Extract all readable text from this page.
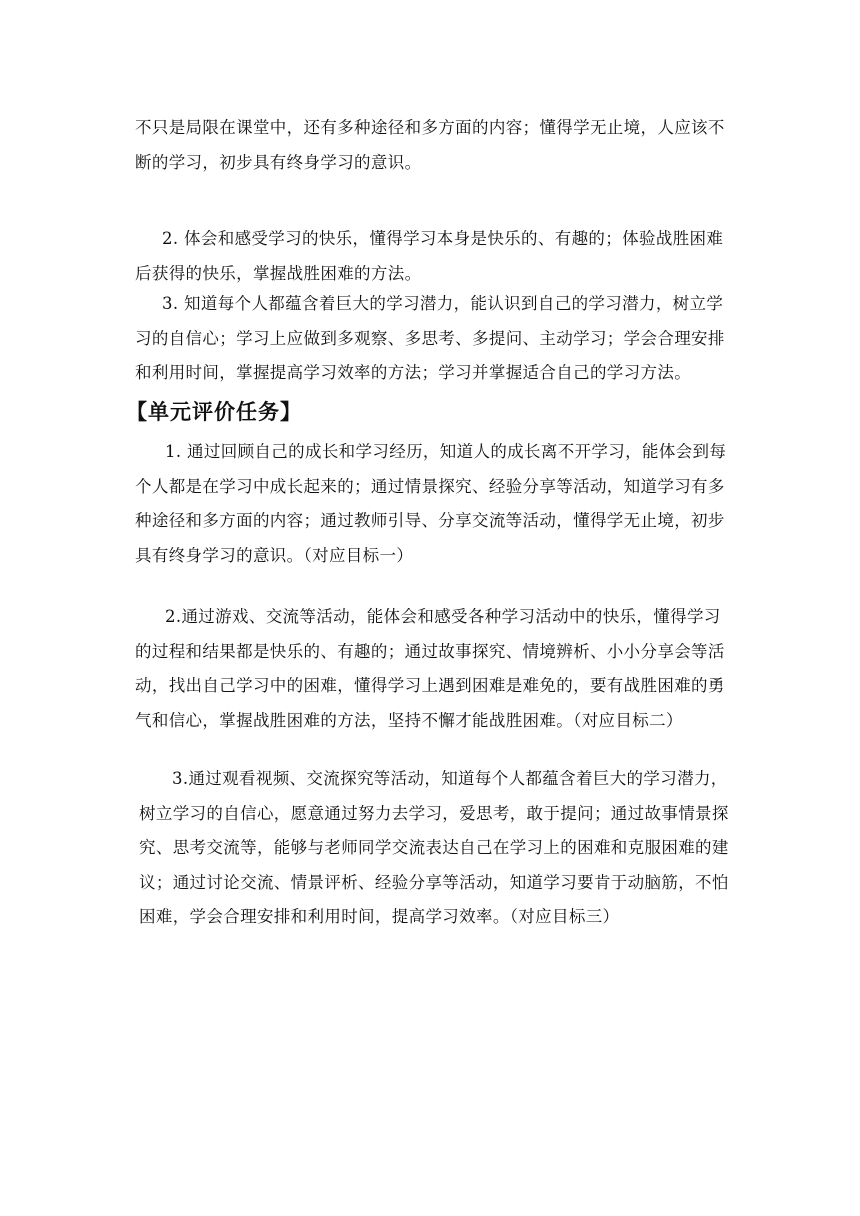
不只是局限在课堂中，还有多种途径和多方面的内容；懂得学无止境，人应该不断的学习，初步具有终身学习的意识。

2. 体会和感受学习的快乐，懂得学习本身是快乐的、有趣的；体验战胜困难后获得的快乐，掌握战胜困难的方法。

3. 知道每个人都蕴含着巨大的学习潜力，能认识到自己的学习潜力，树立学习的自信心；学习上应做到多观察、多思考、多提问、主动学习；学会合理安排和利用时间，掌握提高学习效率的方法；学习并掌握适合自己的学习方法。

【单元评价任务】

1. 通过回顾自己的成长和学习经历，知道人的成长离不开学习，能体会到每个人都是在学习中成长起来的；通过情景探究、经验分享等活动，知道学习有多种途径和多方面的内容；通过教师引导、分享交流等活动，懂得学无止境，初步具有终身学习的意识。（对应目标一）

2.通过游戏、交流等活动，能体会和感受各种学习活动中的快乐，懂得学习的过程和结果都是快乐的、有趣的；通过故事探究、情境辨析、小小分享会等活动，找出自己学习中的困难，懂得学习上遇到困难是难免的，要有战胜困难的勇气和信心，掌握战胜困难的方法，坚持不懈才能战胜困难。（对应目标二）

3.通过观看视频、交流探究等活动，知道每个人都蕴含着巨大的学习潜力，树立学习的自信心，愿意通过努力去学习，爱思考，敢于提问；通过故事情景探究、思考交流等，能够与老师同学交流表达自己在学习上的困难和克服困难的建议；通过讨论交流、情景评析、经验分享等活动，知道学习要肯于动脑筋，不怕困难，学会合理安排和利用时间，提高学习效率。（对应目标三）
